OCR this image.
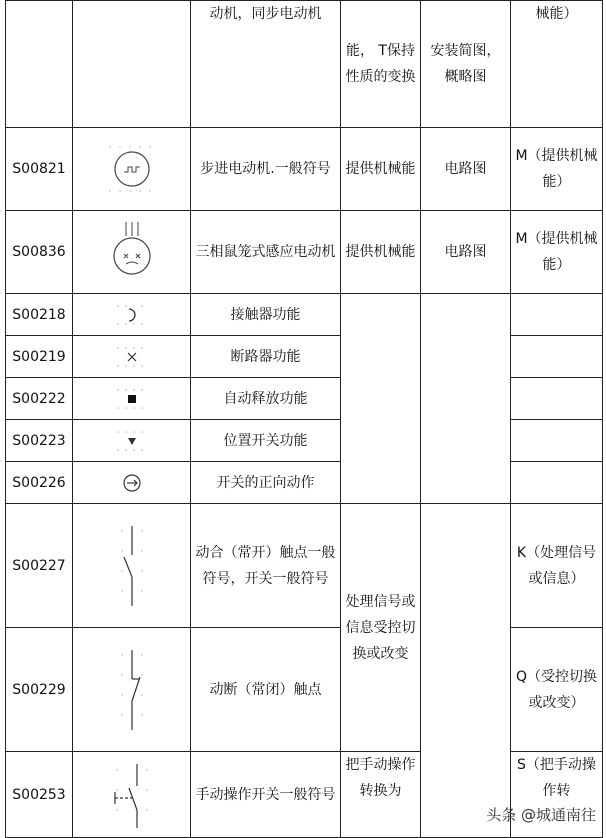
		动机，同步电动机	能， T保持性质的变换	安装简图，概略图	械能）
S00821		步进电动机.一般符号	提供机械能	电路图	M（提供机械能）
S00836		三相鼠笼式感应电动机	提供机械能	电路图	M（提供机械能）
S00218		接触器功能			
S00219		断路器功能			
S00222		自动释放功能			
S00223		位置开关功能			
S00226		开关的正向动作			
S00227		动合（常开）触点一般符号，开关一般符号	处理信号或信息受控切换或改变		K（处理信号或信息）
S00229		动断（常闭）触点			Q（受控切换或改变）
S00253		手动操作开关一般符号	把手动操作转换为		S（把手动操作转
头条 @城通南往
